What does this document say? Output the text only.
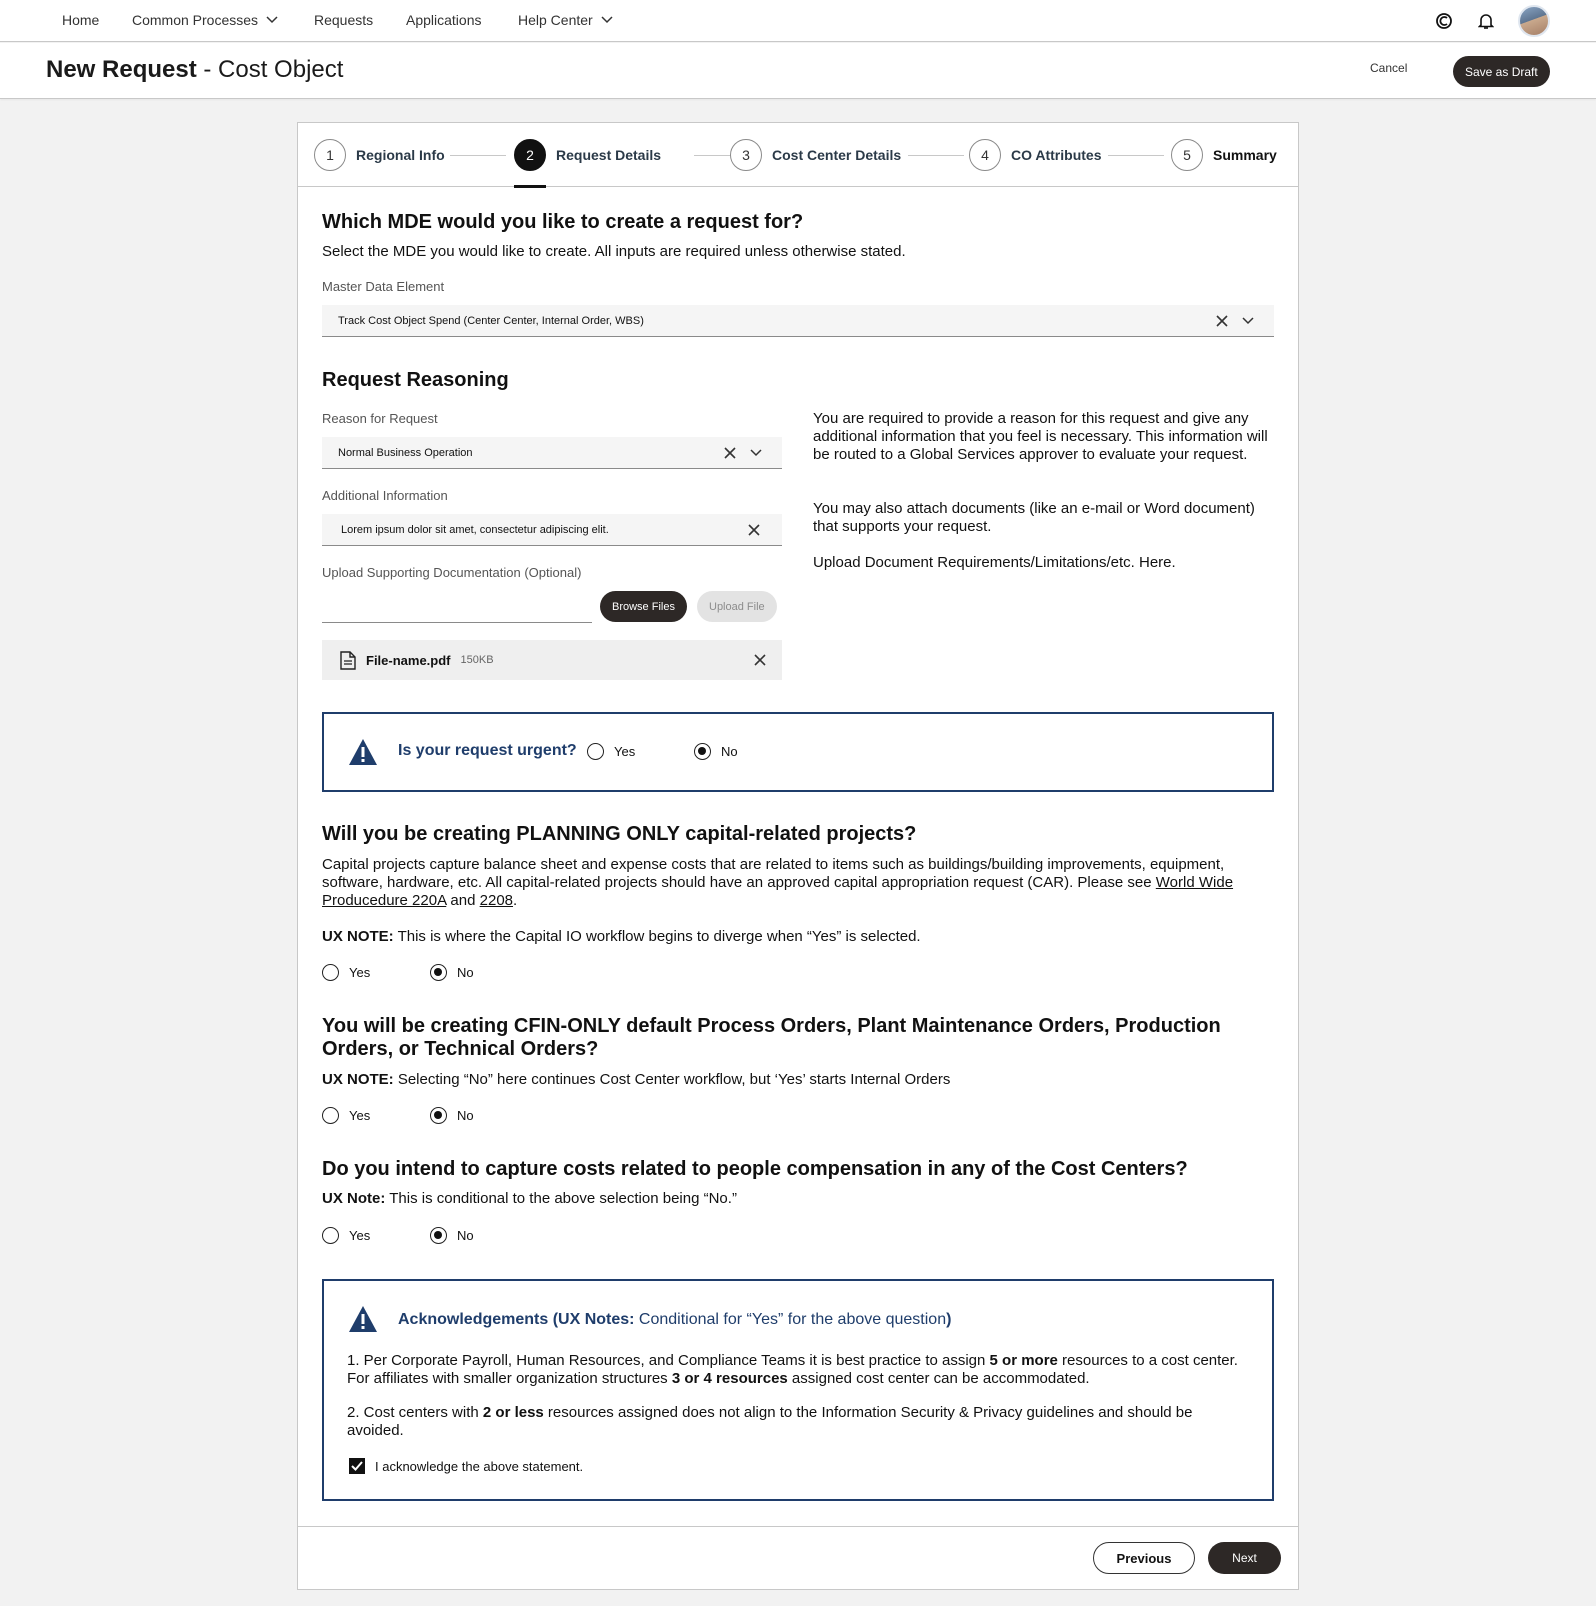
Home Common Processes	Requests Applications	Help Center
New Request - Cost Object	Cancel	Save as Draft
1	Regional Info	2	Request Details	3	Cost Center Details	4	CO Attributes	5	Summary
Which MDE would you like to create a request for?
Select the MDE you would like to create. All inputs are required unless otherwise stated.
Master Data Element
Track Cost Object Spend (Center Center, Internal Order, WBS)
Request Reasoning
Reason for Request
Normal Business Operation
Additional Information
Lorem ipsum dolor sit amet, consectetur adipiscing elit.
Upload Supporting Documentation (Optional)
Browse Files	Upload File
File-name.pdf 150KB
You are required to provide a reason for this request and give any additional information that you feel is necessary. This information will be routed to a Global Services approver to evaluate your request.
You may also attach documents (like an e-mail or Word document) that supports your request.
Upload Document Requirements/Limitations/etc. Here.
Is your request urgent?	Yes	No
Will you be creating PLANNING ONLY capital-related projects?
Capital projects capture balance sheet and expense costs that are related to items such as buildings/building improvements, equipment, software, hardware, etc. All capital-related projects should have an approved capital appropriation request (CAR). Please see World Wide Producedure 220A and 2208.
UX NOTE: This is where the Capital IO workflow begins to diverge when “Yes” is selected.
Yes	No
You will be creating CFIN-ONLY default Process Orders, Plant Maintenance Orders, Production Orders, or Technical Orders?
UX NOTE: Selecting “No” here continues Cost Center workflow, but ‘Yes’ starts Internal Orders
Yes	No
Do you intend to capture costs related to people compensation in any of the Cost Centers?
UX Note: This is conditional to the above selection being “No.”
Yes	No
Acknowledgements (UX Notes: Conditional for “Yes” for the above question)
1. Per Corporate Payroll, Human Resources, and Compliance Teams it is best practice to assign 5 or more resources to a cost center. For affiliates with smaller organization structures 3 or 4 resources assigned cost center can be accommodated.
2. Cost centers with 2 or less resources assigned does not align to the Information Security & Privacy guidelines and should be avoided.
I acknowledge the above statement.
Previous	Next
